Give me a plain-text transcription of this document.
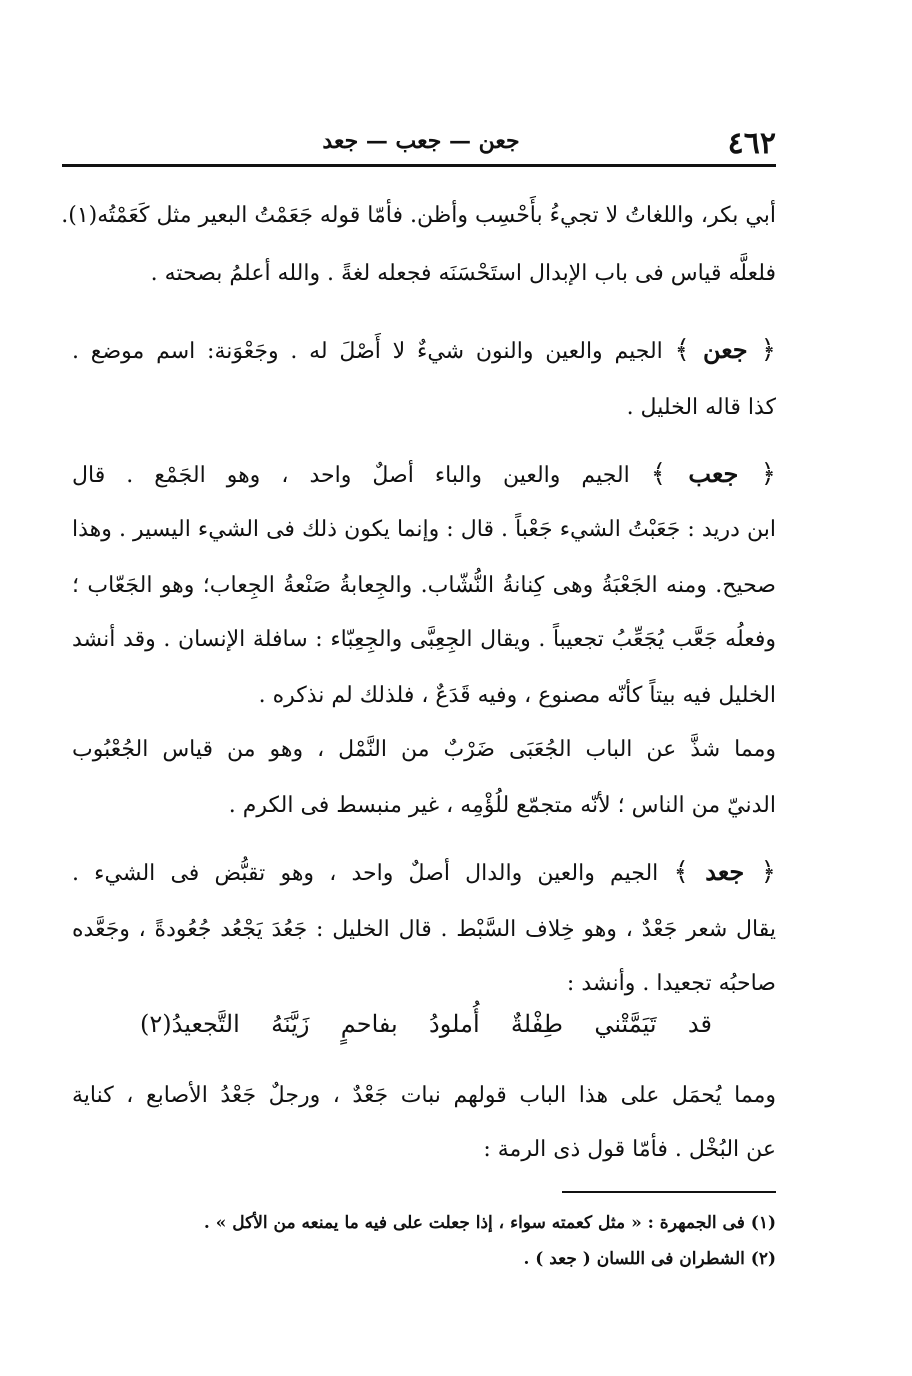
٤٦٢
جعن — جعب — جعد
أبي بكر، واللغاتُ لا تجيءُ بأَحْسِب وأظن. فأمّا قوله جَعَمْتُ البعير مثل كَعَمْتُه(١).
فلعلَّه قياس فى باب الإبدال استَحْسَنَه فجعله لغةً . والله أعلمُ بصحته .
﴿ جعن ﴾ الجيم والعين والنون شيءٌ لا أَصْلَ له . وجَعْوَنة: اسم موضع .
كذا قاله الخليل .
﴿ جعب ﴾ الجيم والعين والباء أصلٌ واحد ، وهو الجَمْع . قال
ابن دريد : جَعَبْتُ الشيء جَعْباً . قال : وإنما يكون ذلك فى الشيء اليسير . وهذا
صحيح. ومنه الجَعْبَةُ وهى كِنانةُ النُّشّاب. والجِعابةُ صَنْعةُ الجِعاب؛ وهو الجَعّاب ؛
وفعلُه جَعَّب يُجَعِّبُ تجعيباً . ويقال الجِعِبَّى والجِعِبّاء : سافلة الإنسان . وقد أنشد
الخليل فيه بيتاً كأنّه مصنوع ، وفيه قَدَعٌ ، فلذلك لم نذكره .
ومما شذَّ عن الباب الجُعَبَى ضَرْبٌ من النَّمْل ، وهو من قياس الجُعْبُوب
الدنيّ من الناس ؛ لأنّه متجمّع للُؤْمِه ، غير منبسط فى الكرم .
﴿ جعد ﴾ الجيم والعين والدال أصلٌ واحد ، وهو تقبُّض فى الشيء .
يقال شعر جَعْدٌ ، وهو خِلاف السَّبْط . قال الخليل : جَعُدَ يَجْعُد جُعُودةً ، وجَعَّده
صاحبُه تجعيدا . وأنشد :
قد تَيَمَّتْني طِفْلةٌ أُملودُ بفاحمٍ زَيَّنَهُ التَّجعيدُ(٢)
ومما يُحمَل على هذا الباب قولهم نبات جَعْدٌ ، ورجلٌ جَعْدُ الأصابع ، كناية
عن البُخْل . فأمّا قول ذى الرمة :
(١) فى الجمهرة : « مثل كعمته سواء ، إذا جعلت على فيه ما يمنعه من الأكل » .
(٢) الشطران فى اللسان ( جعد ) .
